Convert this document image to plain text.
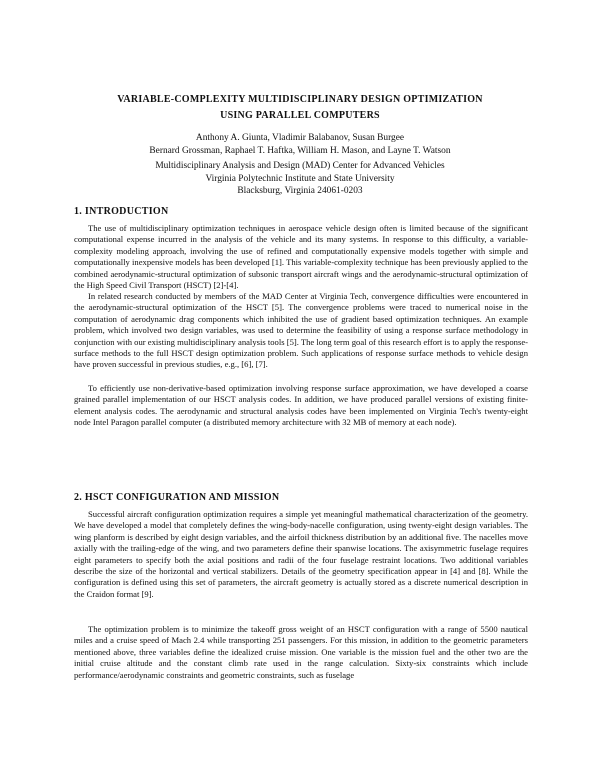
VARIABLE-COMPLEXITY MULTIDISCIPLINARY DESIGN OPTIMIZATION
USING PARALLEL COMPUTERS
Anthony A. Giunta, Vladimir Balabanov, Susan Burgee
Bernard Grossman, Raphael T. Haftka, William H. Mason, and Layne T. Watson
Multidisciplinary Analysis and Design (MAD) Center for Advanced Vehicles
Virginia Polytechnic Institute and State University
Blacksburg, Virginia 24061-0203
1. INTRODUCTION

The use of multidisciplinary optimization techniques in aerospace vehicle design often is limited because of the significant computational expense incurred in the analysis of the vehicle and its many systems. In response to this difficulty, a variable-complexity modeling approach, involving the use of refined and computationally expensive models together with simple and computationally inexpensive models has been developed [1]. This variable-complexity technique has been previously applied to the combined aerodynamic-structural optimization of subsonic transport aircraft wings and the aerodynamic-structural optimization of the High Speed Civil Transport (HSCT) [2]-[4].

In related research conducted by members of the MAD Center at Virginia Tech, convergence difficulties were encountered in the aerodynamic-structural optimization of the HSCT [5]. The convergence problems were traced to numerical noise in the computation of aerodynamic drag components which inhibited the use of gradient based optimization techniques. An example problem, which involved two design variables, was used to determine the feasibility of using a response surface methodology in conjunction with our existing multidisciplinary analysis tools [5]. The long term goal of this research effort is to apply the response-surface methods to the full HSCT design optimization problem. Such applications of response surface methods to vehicle design have proven successful in previous studies, e.g., [6], [7].

To efficiently use non-derivative-based optimization involving response surface approximation, we have developed a coarse grained parallel implementation of our HSCT analysis codes. In addition, we have produced parallel versions of existing finite-element analysis codes. The aerodynamic and structural analysis codes have been implemented on Virginia Tech's twenty-eight node Intel Paragon parallel computer (a distributed memory architecture with 32 MB of memory at each node).

2. HSCT CONFIGURATION AND MISSION

Successful aircraft configuration optimization requires a simple yet meaningful mathematical characterization of the geometry. We have developed a model that completely defines the wing-body-nacelle configuration, using twenty-eight design variables. The wing planform is described by eight design variables, and the airfoil thickness distribution by an additional five. The nacelles move axially with the trailing-edge of the wing, and two parameters define their spanwise locations. The axisymmetric fuselage requires eight parameters to specify both the axial positions and radii of the four fuselage restraint locations. Two additional variables describe the size of the horizontal and vertical stabilizers. Details of the geometry specification appear in [4] and [8]. While the configuration is defined using this set of parameters, the aircraft geometry is actually stored as a discrete numerical description in the Craidon format [9].

The optimization problem is to minimize the takeoff gross weight of an HSCT configuration with a range of 5500 nautical miles and a cruise speed of Mach 2.4 while transporting 251 passengers. For this mission, in addition to the geometric parameters mentioned above, three variables define the idealized cruise mission. One variable is the mission fuel and the other two are the initial cruise altitude and the constant climb rate used in the range calculation. Sixty-six constraints which include performance/aerodynamic constraints and geometric constraints, such as fuselage
